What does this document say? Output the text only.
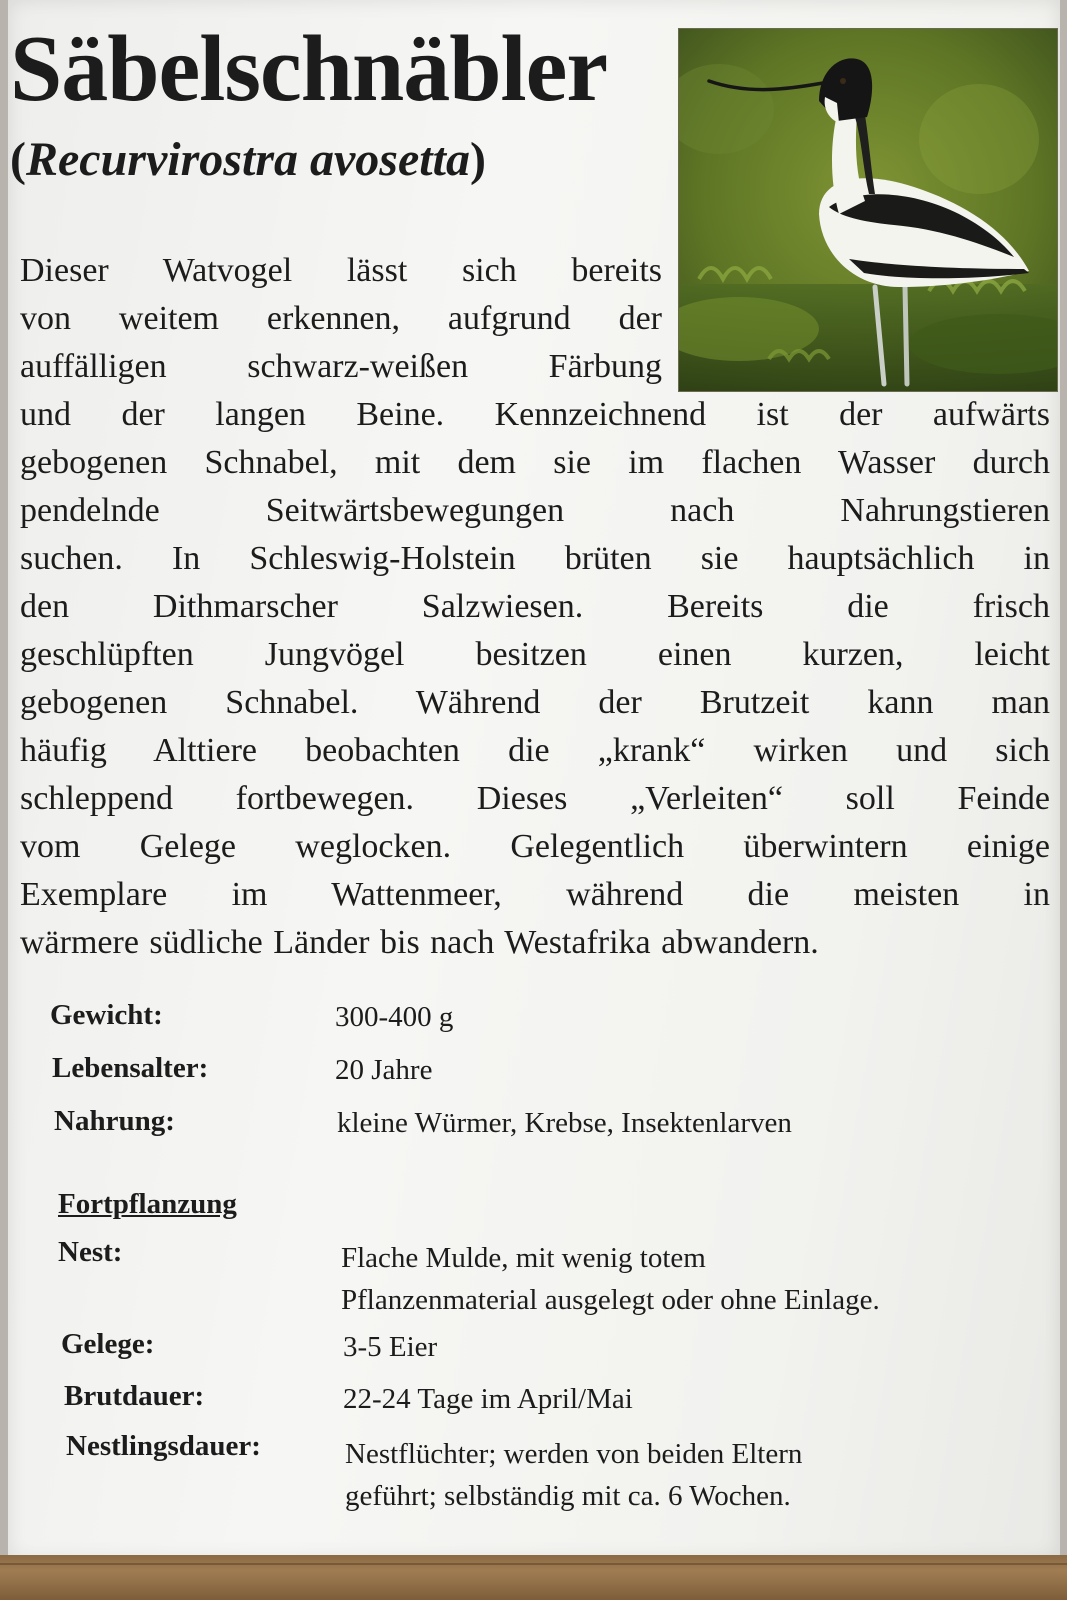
Säbelschnäbler

(Recurvirostra avosetta)

Dieser Watvogel lässt sich bereits

von weitem erkennen, aufgrund der

auffälligen schwarz-weißen Färbung

und der langen Beine. Kennzeichnend ist der aufwärts

gebogenen Schnabel, mit dem sie im flachen Wasser durch

pendelnde Seitwärtsbewegungen nach Nahrungstieren

suchen. In Schleswig-Holstein brüten sie hauptsächlich in

den Dithmarscher Salzwiesen. Bereits die frisch

geschlüpften Jungvögel besitzen einen kurzen, leicht

gebogenen Schnabel. Während der Brutzeit kann man

häufig Alttiere beobachten die „krank“ wirken und sich

schleppend fortbewegen. Dieses „Verleiten“ soll Feinde

vom Gelege weglocken. Gelegentlich überwintern einige

Exemplare im Wattenmeer, während die meisten in

wärmere südliche Länder bis nach Westafrika abwandern.

Gewicht:	300-400 g

Lebensalter:	20 Jahre

Nahrung:	kleine Würmer, Krebse, Insektenlarven

Fortpflanzung

Nest:	Flache Mulde, mit wenig totem

Pflanzenmaterial ausgelegt oder ohne Einlage.

Gelege:	3-5 Eier

Brutdauer:	22-24 Tage im April/Mai

Nestlingsdauer:	Nestflüchter; werden von beiden Eltern

geführt; selbständig mit ca. 6 Wochen.
